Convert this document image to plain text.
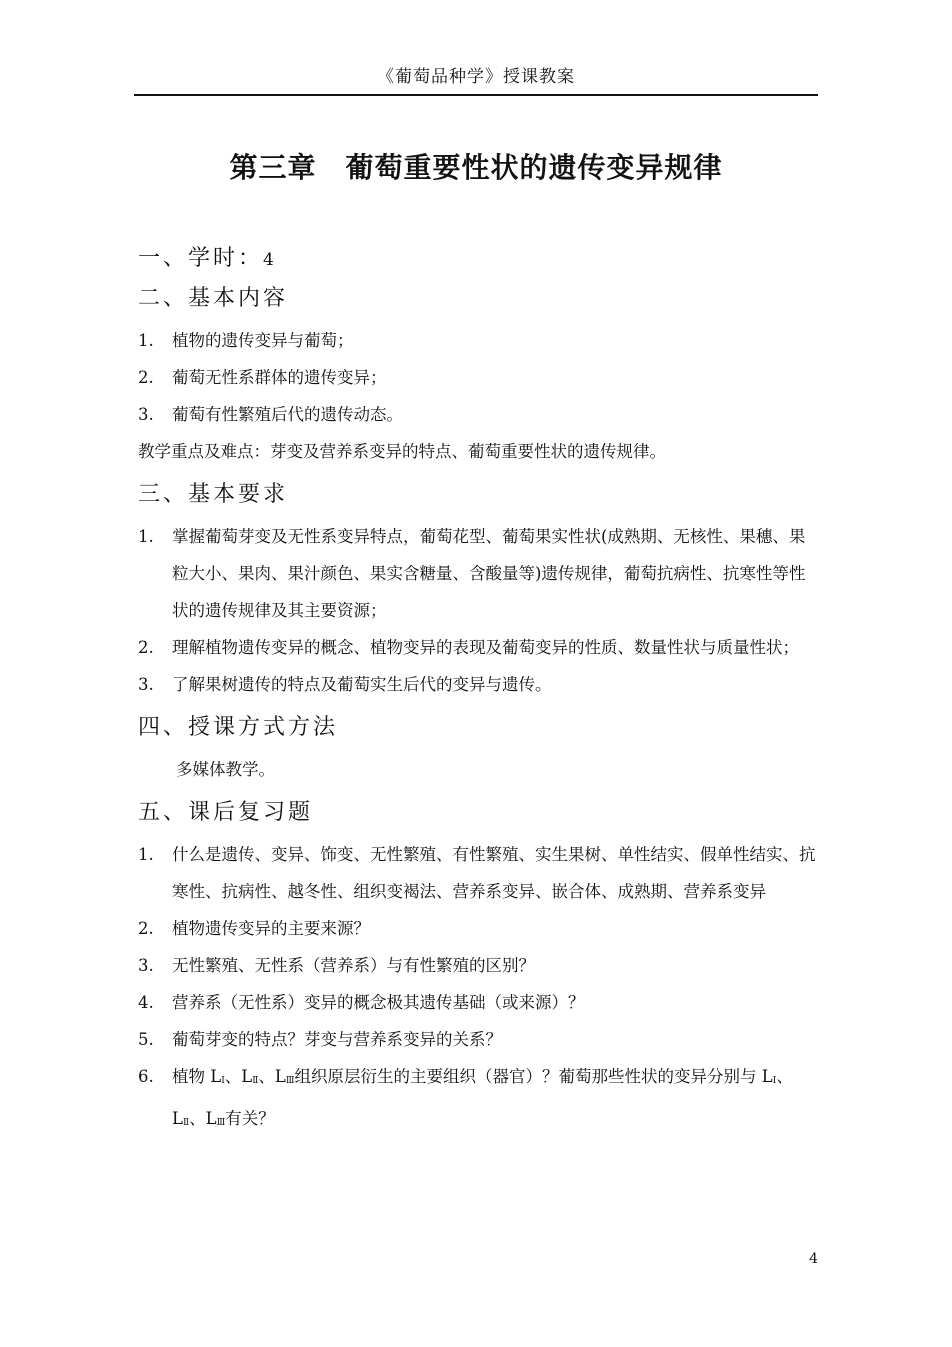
《葡萄品种学》授课教案
第三章　葡萄重要性状的遗传变异规律
一、学时：4
二、基本内容
1. 植物的遗传变异与葡萄；
2. 葡萄无性系群体的遗传变异；
3. 葡萄有性繁殖后代的遗传动态。
教学重点及难点：芽变及营养系变异的特点、葡萄重要性状的遗传规律。
三、基本要求
1. 掌握葡萄芽变及无性系变异特点，葡萄花型、葡萄果实性状(成熟期、无核性、果穗、果粒大小、果肉、果汁颜色、果实含糖量、含酸量等)遗传规律，葡萄抗病性、抗寒性等性状的遗传规律及其主要资源；
2. 理解植物遗传变异的概念、植物变异的表现及葡萄变异的性质、数量性状与质量性状；
3. 了解果树遗传的特点及葡萄实生后代的变异与遗传。
四、授课方式方法
多媒体教学。
五、课后复习题
1. 什么是遗传、变异、饰变、无性繁殖、有性繁殖、实生果树、单性结实、假单性结实、抗寒性、抗病性、越冬性、组织变褐法、营养系变异、嵌合体、成熟期、营养系变异
2. 植物遗传变异的主要来源？
3. 无性繁殖、无性系（营养系）与有性繁殖的区别？
4. 营养系（无性系）变异的概念极其遗传基础（或来源）？
5. 葡萄芽变的特点？芽变与营养系变异的关系？
6. 植物 $L_Ⅰ$、$L_Ⅱ$、$L_Ⅲ$组织原层衍生的主要组织（器官）？葡萄那些性状的变异分别与 $L_Ⅰ$、$L_Ⅱ$、$L_Ⅲ$有关？
4
